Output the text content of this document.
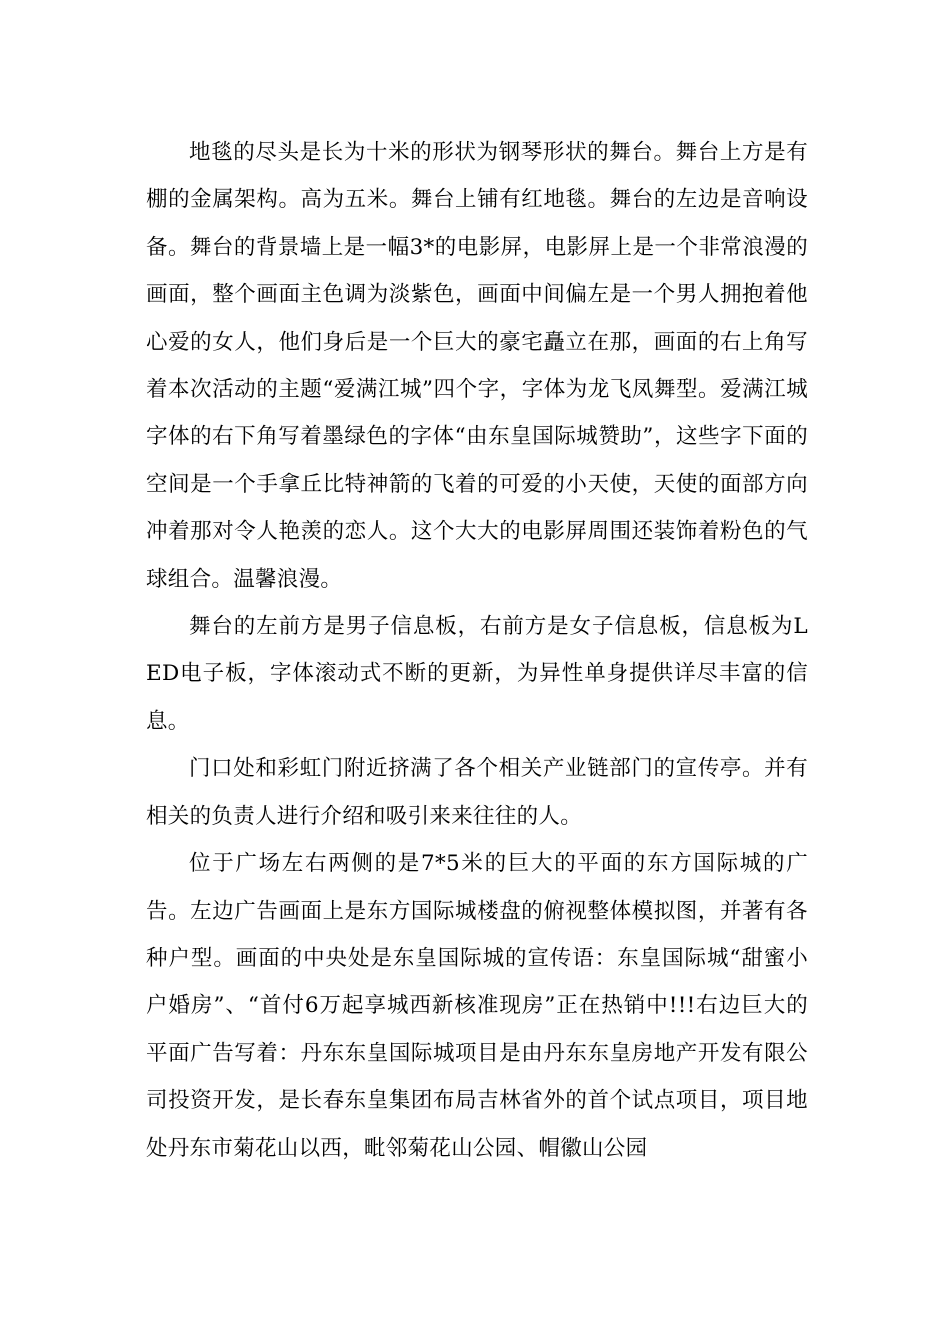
地毯的尽头是长为十米的形状为钢琴形状的舞台。舞台上方是有棚的金属架构。高为五米。舞台上铺有红地毯。舞台的左边是音响设备。舞台的背景墙上是一幅3*的电影屏，电影屏上是一个非常浪漫的画面，整个画面主色调为淡紫色，画面中间偏左是一个男人拥抱着他心爱的女人，他们身后是一个巨大的豪宅矗立在那，画面的右上角写着本次活动的主题“爱满江城”四个字，字体为龙飞凤舞型。爱满江城字体的右下角写着墨绿色的字体“由东皇国际城赞助”，这些字下面的空间是一个手拿丘比特神箭的飞着的可爱的小天使，天使的面部方向冲着那对令人艳羡的恋人。这个大大的电影屏周围还装饰着粉色的气球组合。温馨浪漫。

舞台的左前方是男子信息板，右前方是女子信息板，信息板为LED电子板，字体滚动式不断的更新，为异性单身提供详尽丰富的信息。

门口处和彩虹门附近挤满了各个相关产业链部门的宣传亭。并有相关的负责人进行介绍和吸引来来往往的人。

位于广场左右两侧的是7*5米的巨大的平面的东方国际城的广告。左边广告画面上是东方国际城楼盘的俯视整体模拟图，并著有各种户型。画面的中央处是东皇国际城的宣传语：东皇国际城“甜蜜小户婚房”、“首付6万起享城西新核准现房”正在热销中!!!右边巨大的平面广告写着：丹东东皇国际城项目是由丹东东皇房地产开发有限公司投资开发，是长春东皇集团布局吉林省外的首个试点项目，项目地处丹东市菊花山以西，毗邻菊花山公园、帽徽山公园
